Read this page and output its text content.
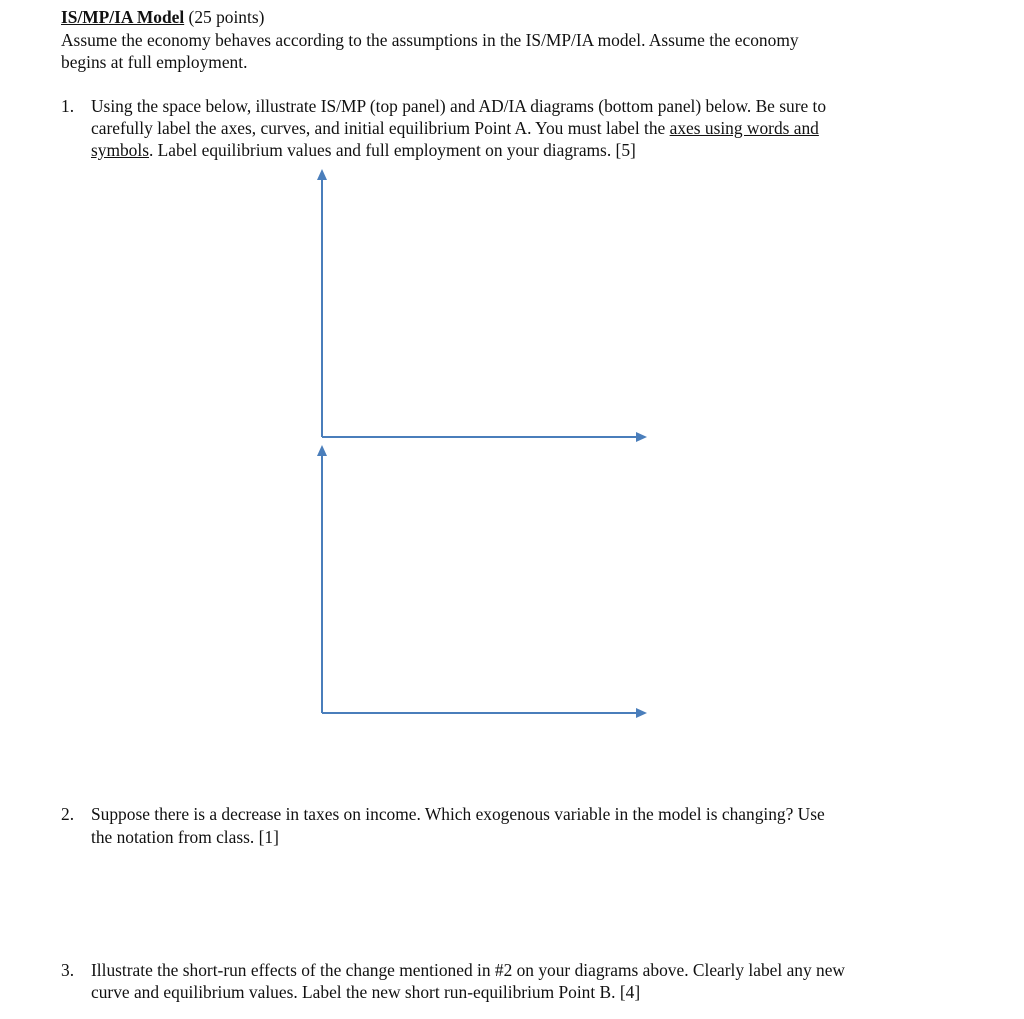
IS/MP/IA Model (25 points)
Assume the economy behaves according to the assumptions in the IS/MP/IA model. Assume the economy
begins at full employment.
1. Using the space below, illustrate IS/MP (top panel) and AD/IA diagrams (bottom panel) below. Be sure to
carefully label the axes, curves, and initial equilibrium Point A. You must label the axes using words and
symbols. Label equilibrium values and full employment on your diagrams. [5]
2. Suppose there is a decrease in taxes on income. Which exogenous variable in the model is changing? Use
the notation from class. [1]
3. Illustrate the short-run effects of the change mentioned in #2 on your diagrams above. Clearly label any new
curve and equilibrium values. Label the new short run-equilibrium Point B. [4]
